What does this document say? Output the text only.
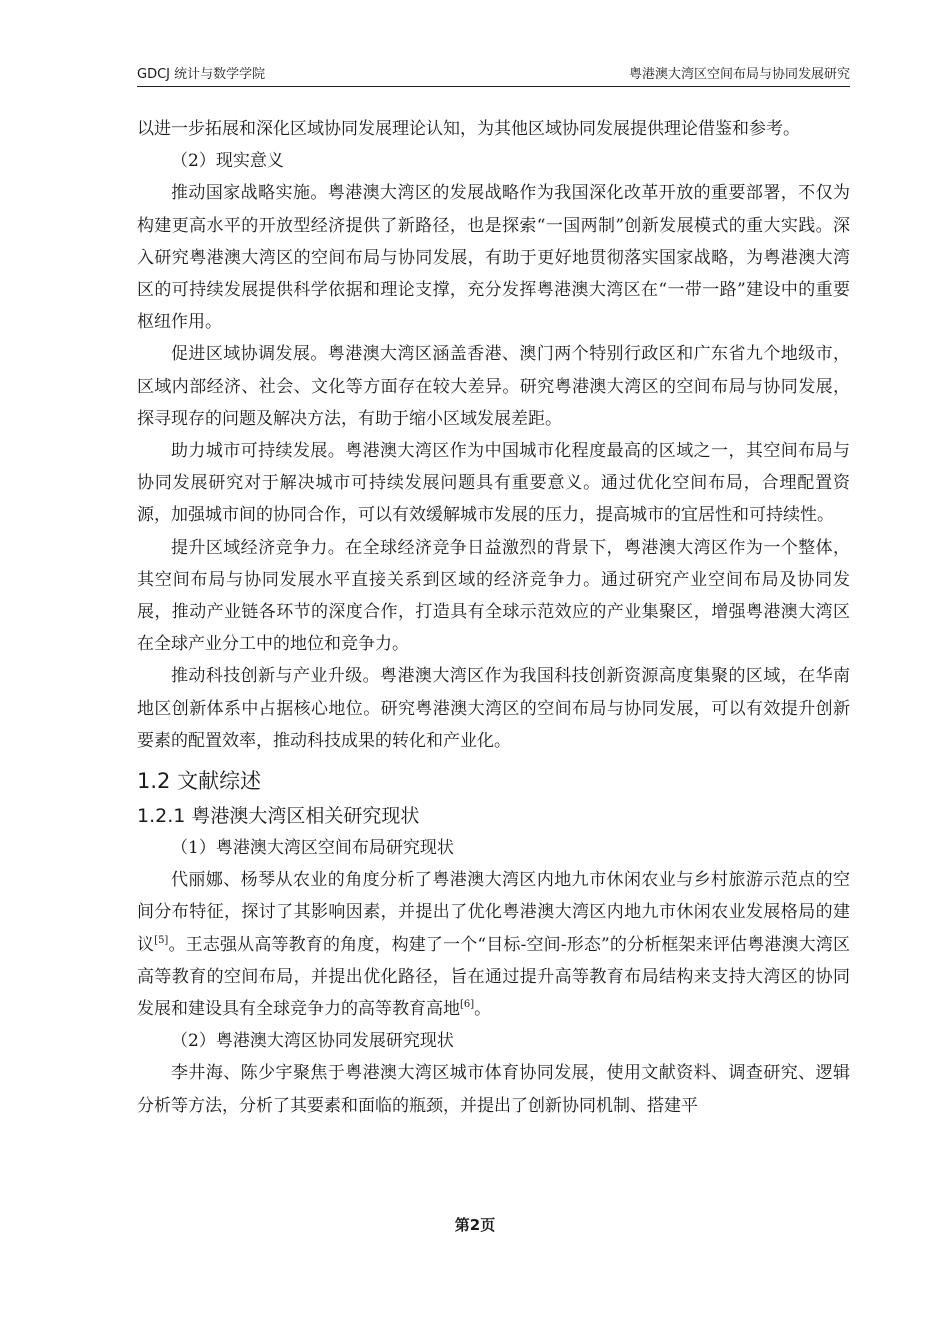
GDCJ 统计与数学学院	粤港澳大湾区空间布局与协同发展研究

以进一步拓展和深化区域协同发展理论认知，为其他区域协同发展提供理论借鉴和参考。

（2）现实意义

推动国家战略实施。粤港澳大湾区的发展战略作为我国深化改革开放的重要部署，不仅为构建更高水平的开放型经济提供了新路径，也是探索“一国两制”创新发展模式的重大实践。深入研究粤港澳大湾区的空间布局与协同发展，有助于更好地贯彻落实国家战略，为粤港澳大湾区的可持续发展提供科学依据和理论支撑，充分发挥粤港澳大湾区在“一带一路”建设中的重要枢纽作用。

促进区域协调发展。粤港澳大湾区涵盖香港、澳门两个特别行政区和广东省九个地级市，区域内部经济、社会、文化等方面存在较大差异。研究粤港澳大湾区的空间布局与协同发展，探寻现存的问题及解决方法，有助于缩小区域发展差距。

助力城市可持续发展。粤港澳大湾区作为中国城市化程度最高的区域之一，其空间布局与协同发展研究对于解决城市可持续发展问题具有重要意义。通过优化空间布局，合理配置资源，加强城市间的协同合作，可以有效缓解城市发展的压力，提高城市的宜居性和可持续性。

提升区域经济竞争力。在全球经济竞争日益激烈的背景下，粤港澳大湾区作为一个整体，其空间布局与协同发展水平直接关系到区域的经济竞争力。通过研究产业空间布局及协同发展，推动产业链各环节的深度合作，打造具有全球示范效应的产业集聚区，增强粤港澳大湾区在全球产业分工中的地位和竞争力。

推动科技创新与产业升级。粤港澳大湾区作为我国科技创新资源高度集聚的区域，在华南地区创新体系中占据核心地位。研究粤港澳大湾区的空间布局与协同发展，可以有效提升创新要素的配置效率，推动科技成果的转化和产业化。

1.2 文献综述
1.2.1 粤港澳大湾区相关研究现状

（1）粤港澳大湾区空间布局研究现状

代丽娜、杨琴从农业的角度分析了粤港澳大湾区内地九市休闲农业与乡村旅游示范点的空间分布特征，探讨了其影响因素，并提出了优化粤港澳大湾区内地九市休闲农业发展格局的建议[5]。王志强从高等教育的角度，构建了一个“目标-空间-形态”的分析框架来评估粤港澳大湾区高等教育的空间布局，并提出优化路径，旨在通过提升高等教育布局结构来支持大湾区的协同发展和建设具有全球竞争力的高等教育高地[6]。

（2）粤港澳大湾区协同发展研究现状

李井海、陈少宇聚焦于粤港澳大湾区城市体育协同发展，使用文献资料、调查研究、逻辑分析等方法，分析了其要素和面临的瓶颈，并提出了创新协同机制、搭建平

第2页
